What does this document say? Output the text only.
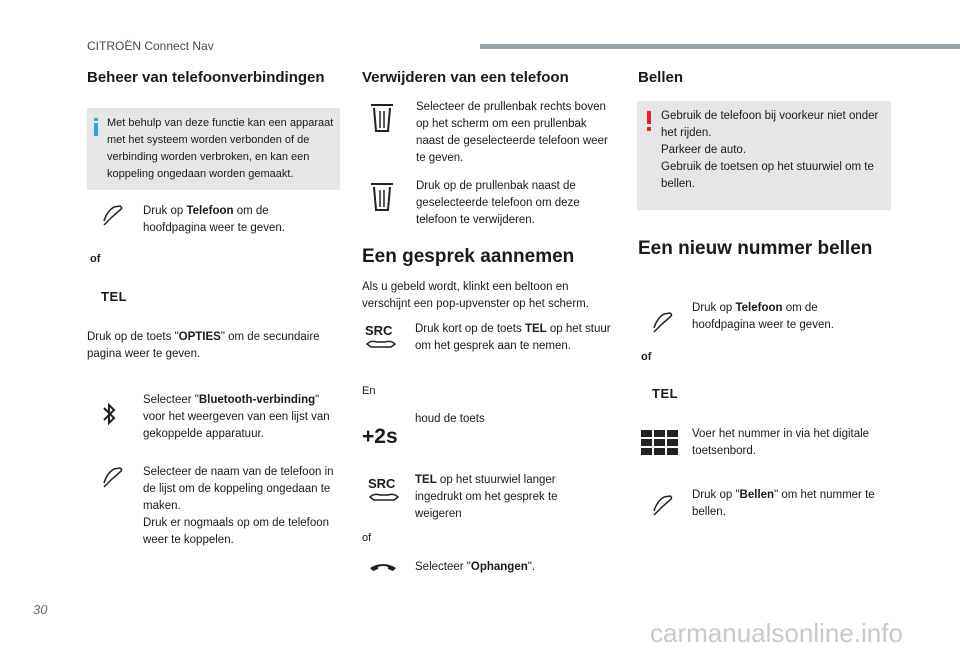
CITROËN Connect Nav
Beheer van telefoonverbindingen
Met behulp van deze functie kan een apparaat met het systeem worden verbonden of de verbinding worden verbroken, en kan een koppeling ongedaan worden gemaakt.
Druk op Telefoon om de hoofdpagina weer te geven.
of
TEL
Druk op de toets "OPTIES" om de secundaire pagina weer te geven.
Selecteer "Bluetooth-verbinding" voor het weergeven van een lijst van gekoppelde apparatuur.
Selecteer de naam van de telefoon in de lijst om de koppeling ongedaan te maken.
Druk er nogmaals op om de telefoon weer te koppelen.
Verwijderen van een telefoon
Selecteer de prullenbak rechts boven op het scherm om een prullenbak naast de geselecteerde telefoon weer te geven.
Druk op de prullenbak naast de geselecteerde telefoon om deze telefoon te verwijderen.
Een gesprek aannemen
Als u gebeld wordt, klinkt een beltoon en verschijnt een pop-upvenster op het scherm.
SRC	Druk kort op de toets TEL op het stuur om het gesprek aan te nemen.
En
houd de toets
+2s
SRC	TEL op het stuurwiel langer ingedrukt om het gesprek te weigeren
of
Selecteer "Ophangen".
Bellen
Gebruik de telefoon bij voorkeur niet onder het rijden.
Parkeer de auto.
Gebruik de toetsen op het stuurwiel om te bellen.
Een nieuw nummer bellen
Druk op Telefoon om de hoofdpagina weer te geven.
of
TEL
Voer het nummer in via het digitale toetsenbord.
Druk op "Bellen" om het nummer te bellen.
30
carmanualsonline.info
